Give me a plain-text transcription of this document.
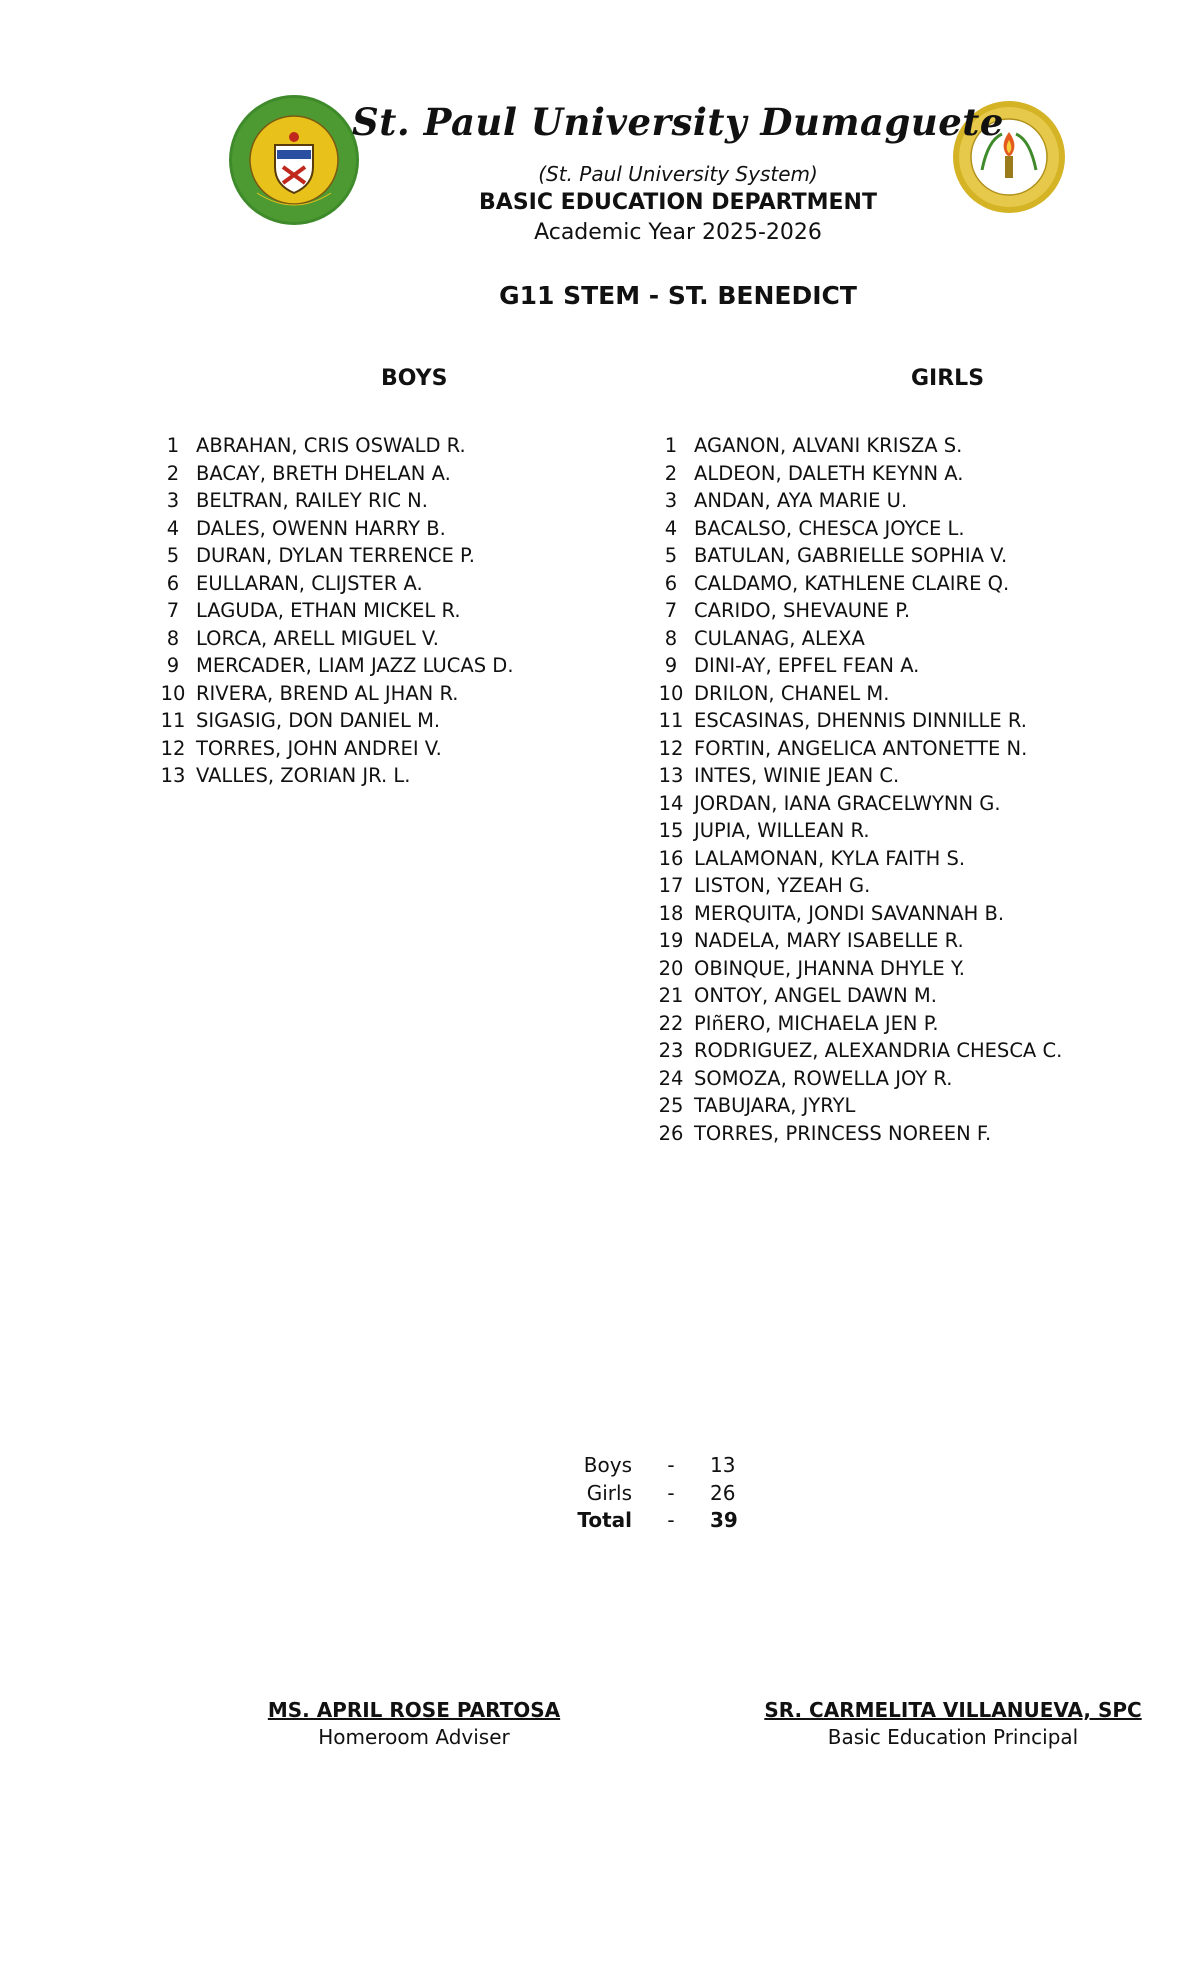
St. Paul University Dumaguete
(St. Paul University System)
BASIC EDUCATION DEPARTMENT
Academic Year 2025-2026
G11 STEM - ST. BENEDICT
BOYS	GIRLS
1 ABRAHAN, CRIS OSWALD R.
2 BACAY, BRETH DHELAN A.
3 BELTRAN, RAILEY RIC N.
4 DALES, OWENN HARRY B.
5 DURAN, DYLAN TERRENCE P.
6 EULLARAN, CLIJSTER A.
7 LAGUDA, ETHAN MICKEL R.
8 LORCA, ARELL MIGUEL V.
9 MERCADER, LIAM JAZZ LUCAS D.
10 RIVERA, BREND AL JHAN R.
11 SIGASIG, DON DANIEL M.
12 TORRES, JOHN ANDREI V.
13 VALLES, ZORIAN JR. L.
1 AGANON, ALVANI KRISZA S.
2 ALDEON, DALETH KEYNN A.
3 ANDAN, AYA MARIE U.
4 BACALSO, CHESCA JOYCE L.
5 BATULAN, GABRIELLE SOPHIA V.
6 CALDAMO, KATHLENE CLAIRE Q.
7 CARIDO, SHEVAUNE P.
8 CULANAG, ALEXA
9 DINI-AY, EPFEL FEAN A.
10 DRILON, CHANEL M.
11 ESCASINAS, DHENNIS DINNILLE R.
12 FORTIN, ANGELICA ANTONETTE N.
13 INTES, WINIE JEAN C.
14 JORDAN, IANA GRACELWYNN G.
15 JUPIA, WILLEAN R.
16 LALAMONAN, KYLA FAITH S.
17 LISTON, YZEAH G.
18 MERQUITA, JONDI SAVANNAH B.
19 NADELA, MARY ISABELLE R.
20 OBINQUE, JHANNA DHYLE Y.
21 ONTOY, ANGEL DAWN M.
22 PIñERO, MICHAELA JEN P.
23 RODRIGUEZ, ALEXANDRIA CHESCA C.
24 SOMOZA, ROWELLA JOY R.
25 TABUJARA, JYRYL
26 TORRES, PRINCESS NOREEN F.
Boys	-	13
Girls	-	26
Total	-	39
MS. APRIL ROSE PARTOSA
Homeroom Adviser
SR. CARMELITA VILLANUEVA, SPC
Basic Education Principal
